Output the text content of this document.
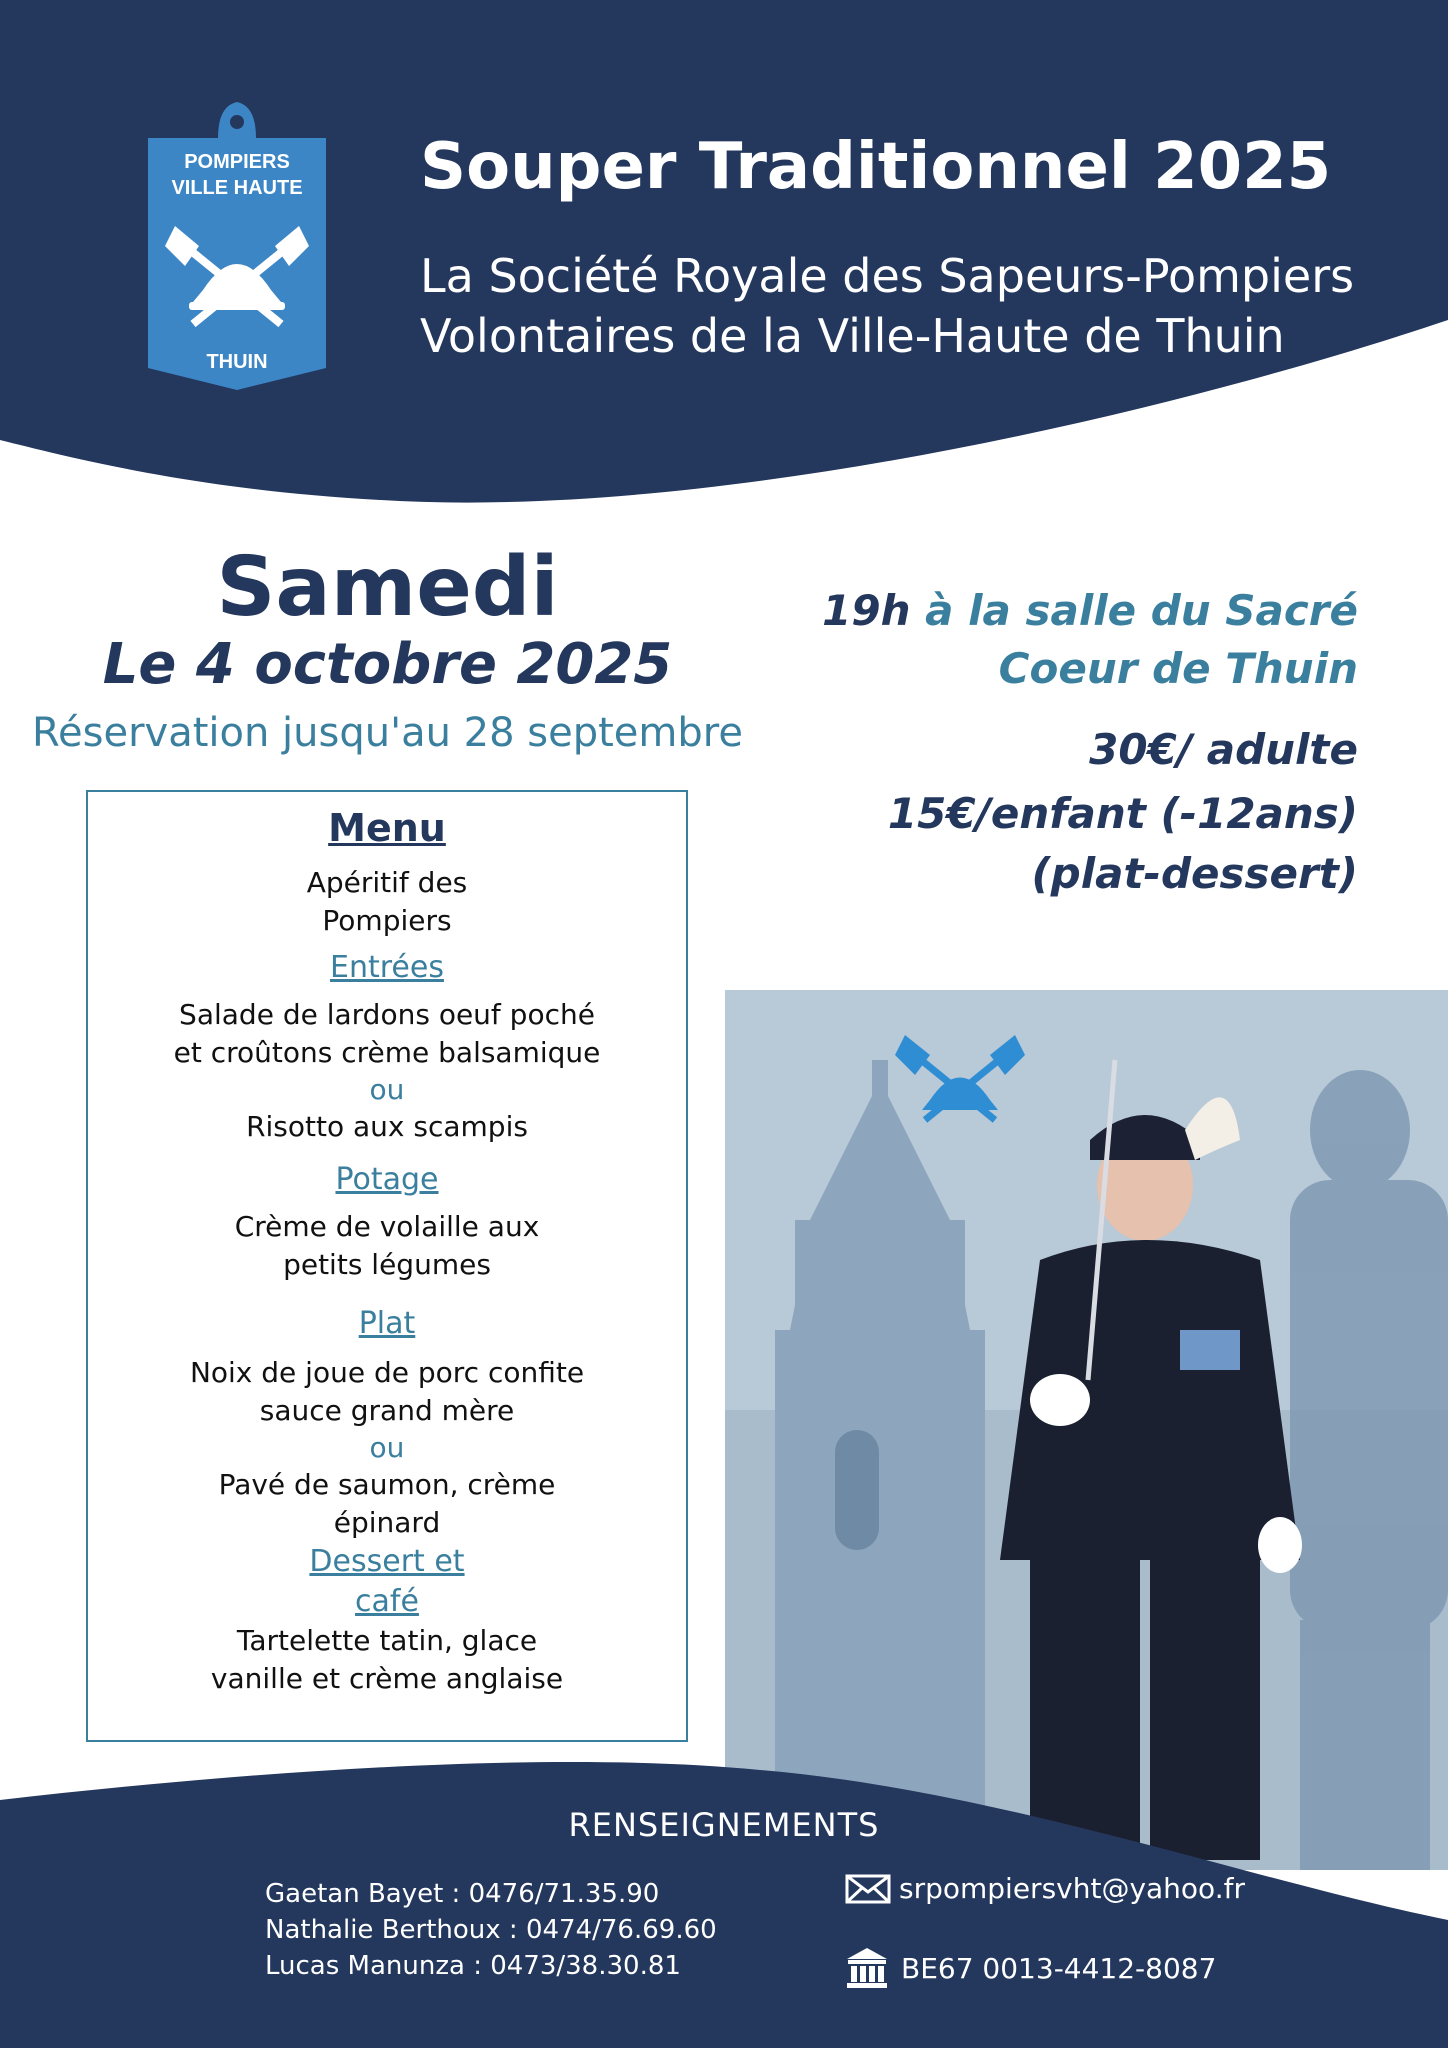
POMPIERS
VILLE HAUTE
THUIN
Souper Traditionnel 2025
La Société Royale des Sapeurs-Pompiers
Volontaires de la Ville-Haute de Thuin
Samedi
Le 4 octobre 2025
Réservation jusqu'au 28 septembre
19h à la salle du Sacré
Coeur de Thuin
30€/ adulte
15€/enfant (-12ans)
(plat-dessert)
Menu
Apéritif des
Pompiers
Entrées
Salade de lardons oeuf poché
et croûtons crème balsamique
ou
Risotto aux scampis
Potage
Crème de volaille aux
petits légumes
Plat
Noix de joue de porc confite
sauce grand mère
ou
Pavé de saumon, crème
épinard
Dessert et
café
Tartelette tatin, glace
vanille et crème anglaise
RENSEIGNEMENTS
Gaetan Bayet : 0476/71.35.90
Nathalie Berthoux : 0474/76.69.60
Lucas Manunza : 0473/38.30.81
srpompiersvht@yahoo.fr
BE67 0013-4412-8087
